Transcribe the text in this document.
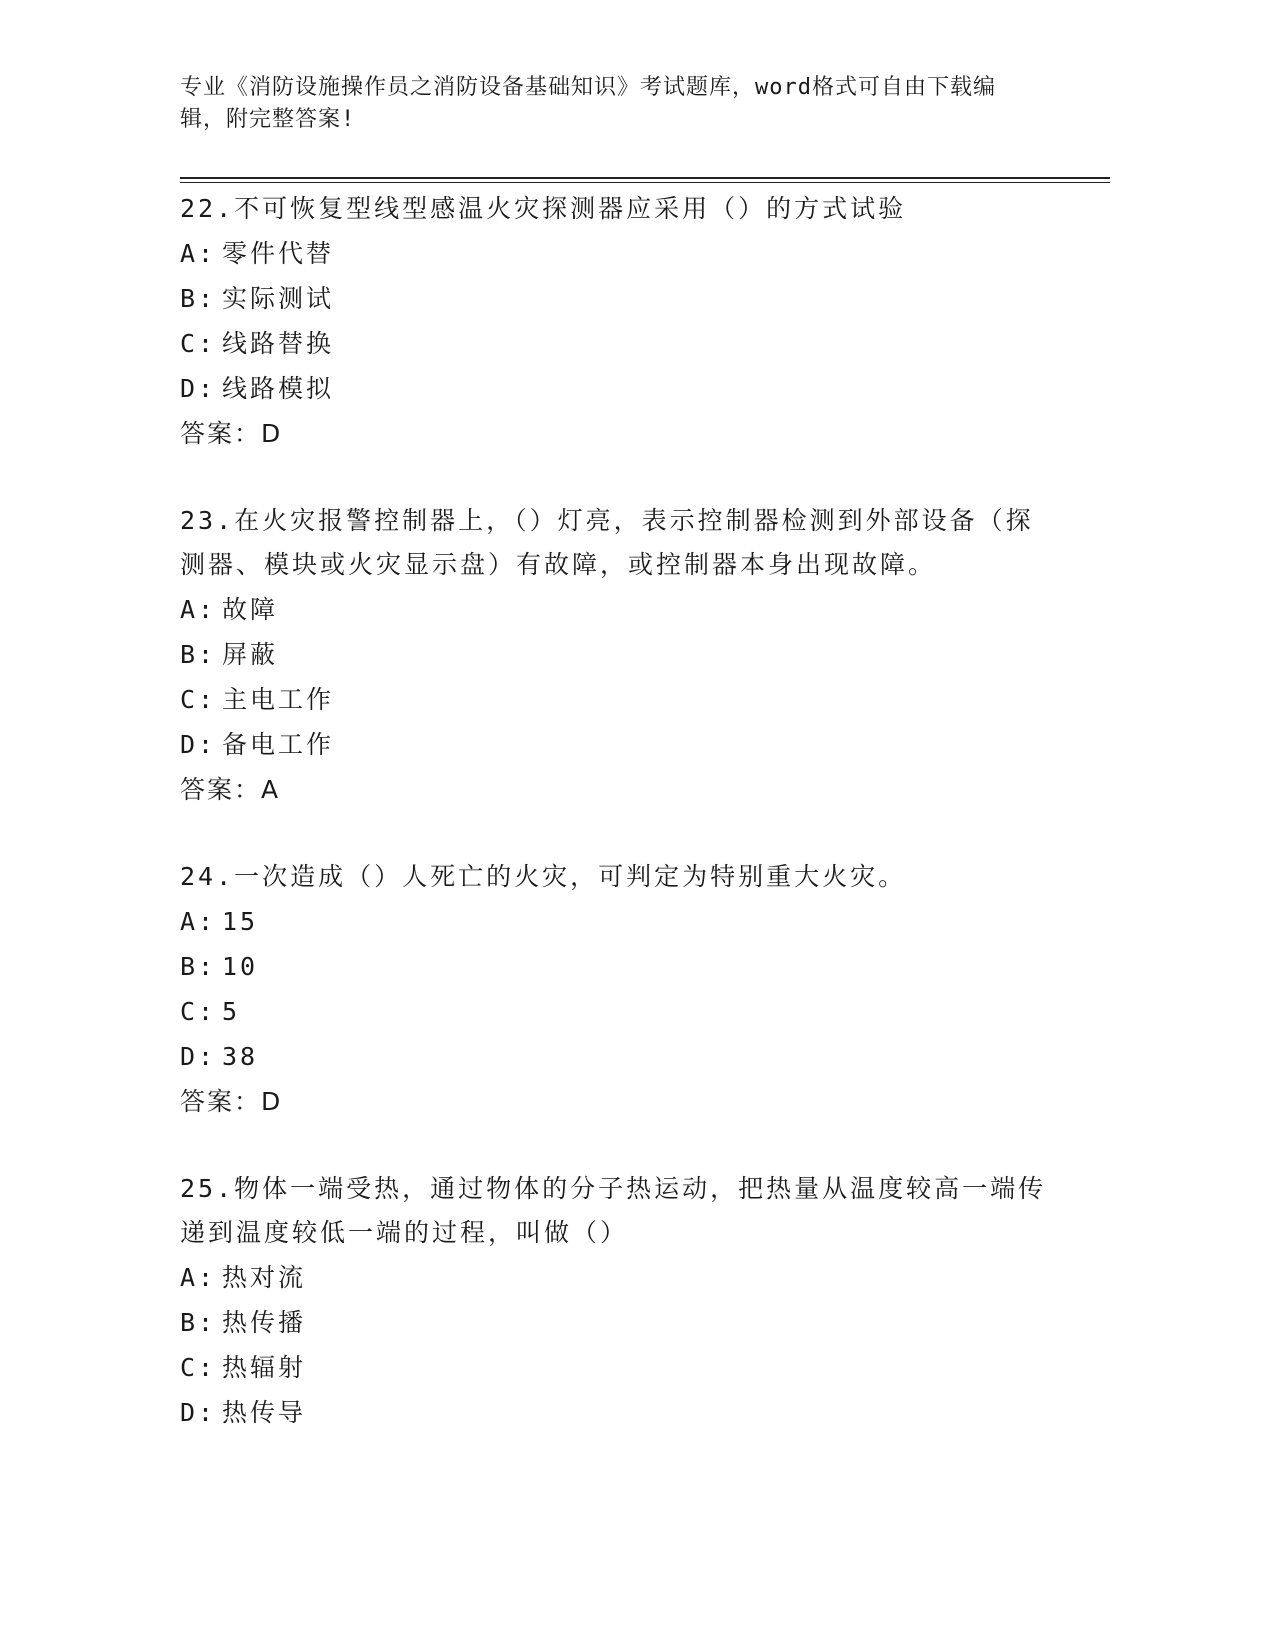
专业《消防设施操作员之消防设备基础知识》考试题库，word格式可自由下载编
辑，附完整答案!
22.不可恢复型线型感温火灾探测器应采用（）的方式试验
A: 零件代替
B: 实际测试
C: 线路替换
D: 线路模拟
答案：D
23.在火灾报警控制器上，（）灯亮，表示控制器检测到外部设备（探测器、模块或火灾显示盘）有故障，或控制器本身出现故障。
A: 故障
B: 屏蔽
C: 主电工作
D: 备电工作
答案：A
24.一次造成（）人死亡的火灾，可判定为特别重大火灾。
A: 15
B: 10
C: 5
D: 38
答案：D
25.物体一端受热，通过物体的分子热运动，把热量从温度较高一端传递到温度较低一端的过程，叫做（）
A: 热对流
B: 热传播
C: 热辐射
D: 热传导
